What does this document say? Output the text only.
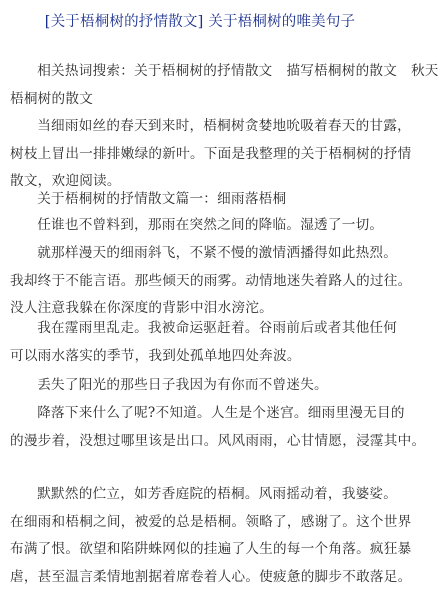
[关于梧桐树的抒情散文] 关于梧桐树的唯美句子
相关热词搜索：关于梧桐树的抒情散文　描写梧桐树的散文　秋天
梧桐树的散文
当细雨如丝的春天到来时，梧桐树贪婪地吮吸着春天的甘露，
树枝上冒出一排排嫩绿的新叶。下面是我整理的关于梧桐树的抒情
散文，欢迎阅读。
关于梧桐树的抒情散文篇一：细雨落梧桐
任谁也不曾料到，那雨在突然之间的降临。湿透了一切。
就那样漫天的细雨斜飞，不紧不慢的激情洒播得如此热烈。
我却终于不能言语。那些倾天的雨雾。动情地迷失着路人的过往。
没人注意我躲在你深度的背影中泪水滂沱。
我在霪雨里乱走。我被命运驱赶着。谷雨前后或者其他任何
可以雨水落实的季节，我到处孤单地四处奔波。
丢失了阳光的那些日子我因为有你而不曾迷失。
降落下来什么了呢?不知道。人生是个迷宫。细雨里漫无目的
的漫步着，没想过哪里该是出口。风风雨雨，心甘情愿，浸霪其中。
默默然的伫立，如芳香庭院的梧桐。风雨摇动着，我婆娑。
在细雨和梧桐之间，被爱的总是梧桐。领略了，感谢了。这个世界
布满了恨。欲望和陷阱蛛网似的挂遍了人生的每一个角落。疯狂暴
虐，甚至温言柔情地割据着席卷着人心。使疲惫的脚步不敢落足。
